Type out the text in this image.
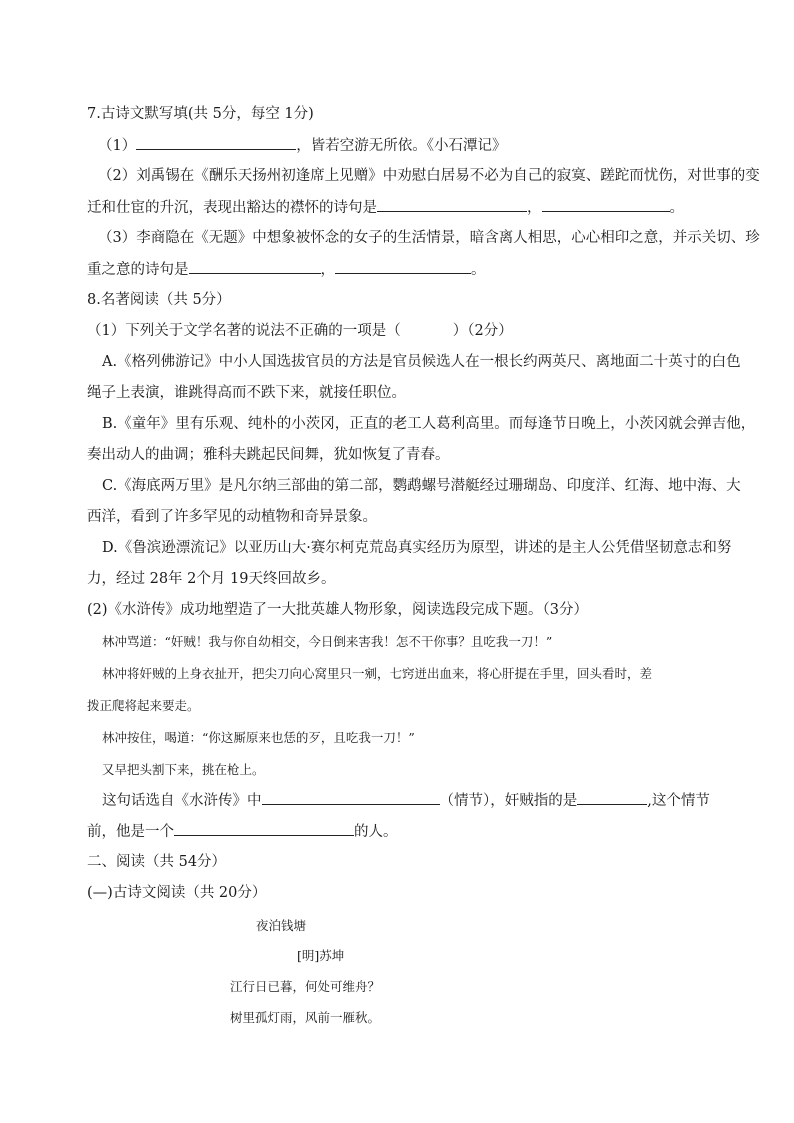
7.古诗文默写填(共 5分，每空 1分)
（1）	，皆若空游无所依。《小石潭记》
（2）刘禹锡在《酬乐天扬州初逢席上见赠》中劝慰白居易不必为自己的寂寞、蹉跎而忧伤，对世事的变
迁和仕宦的升沉，表现出豁达的襟怀的诗句是	，	。
（3）李商隐在《无题》中想象被怀念的女子的生活情景，暗含离人相思，心心相印之意，并示关切、珍
重之意的诗句是	，	。
8.名著阅读（共 5分）
（1）下列关于文学名著的说法不正确的一项是（	）（2分）
A.《格列佛游记》中小人国选拔官员的方法是官员候选人在一根长约两英尺、离地面二十英寸的白色
绳子上表演，谁跳得高而不跌下来，就接任职位。
B.《童年》里有乐观、纯朴的小茨冈，正直的老工人葛利高里。而每逢节日晚上，小茨冈就会弹吉他，
奏出动人的曲调；雅科夫跳起民间舞，犹如恢复了青春。
C.《海底两万里》是凡尔纳三部曲的第二部，鹦鹉螺号潜艇经过珊瑚岛、印度洋、红海、地中海、大
西洋，看到了许多罕见的动植物和奇异景象。
D.《鲁滨逊漂流记》以亚历山大·赛尔柯克荒岛真实经历为原型，讲述的是主人公凭借坚韧意志和努
力，经过 28年 2个月 19天终回故乡。
(2)《水浒传》成功地塑造了一大批英雄人物形象，阅读选段完成下题。（3分）
林冲骂道：“奸贼！我与你自幼相交，今日倒来害我！怎不干你事？且吃我一刀！”
林冲将奸贼的上身衣扯开，把尖刀向心窝里只一剜，七窍迸出血来，将心肝提在手里，回头看时，差
拨正爬将起来要走。
林冲按住，喝道：“你这厮原来也恁的歹，且吃我一刀！”
又早把头割下来，挑在枪上。
这句话选自《水浒传》中	（情节），奸贼指的是	,这个情节
前，他是一个	的人。
二、阅读（共 54分）
(—)古诗文阅读（共 20分）
夜泊钱塘
[明]苏坤
江行日已暮，何处可维舟？
树里孤灯雨，风前一雁秋。
